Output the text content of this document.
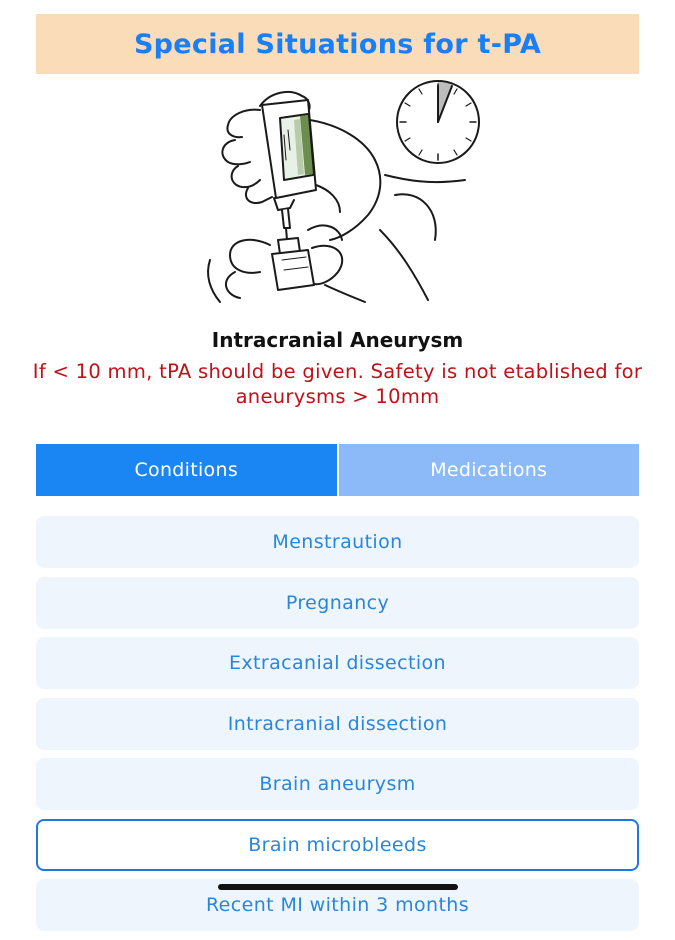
Special Situations for t-PA
Intracranial Aneurysm
If < 10 mm, tPA should be given. Safety is not etablished for aneurysms > 10mm
Conditions	Medications
Menstraution
Pregnancy
Extracanial dissection
Intracranial dissection
Brain aneurysm
Brain microbleeds
Recent MI within 3 months
